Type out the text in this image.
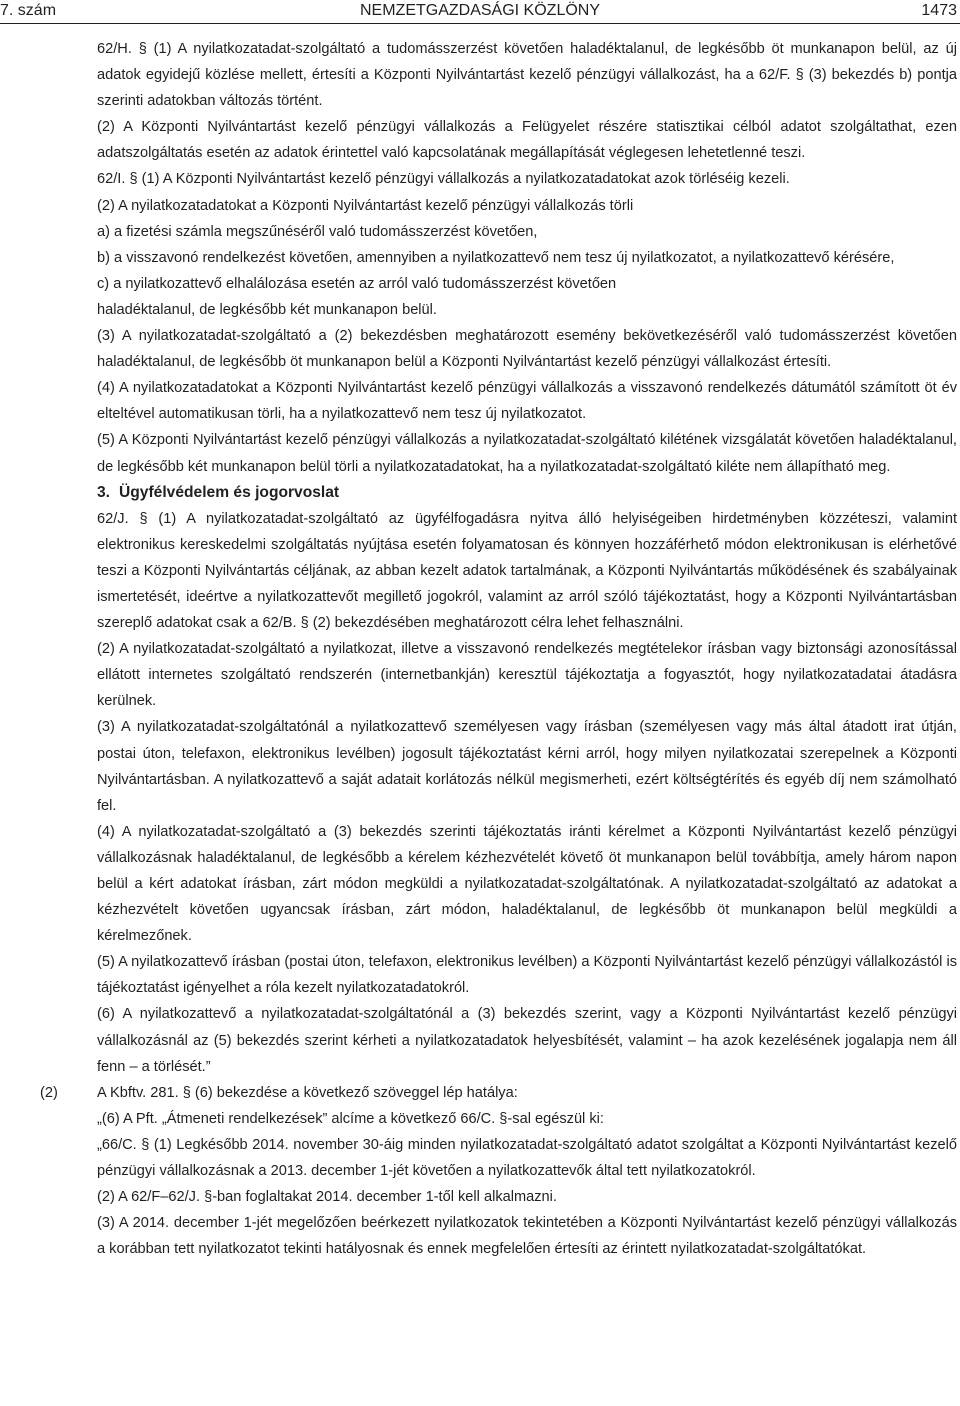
7. szám	NEMZETGAZDASÁGI KÖZLÖNY	1473
62/H. § (1) A nyilatkozatadat-szolgáltató a tudomásszerzést követően haladéktalanul, de legkésőbb öt munkanapon belül, az új adatok egyidejű közlése mellett, értesíti a Központi Nyilvántartást kezelő pénzügyi vállalkozást, ha a 62/F. § (3) bekezdés b) pontja szerinti adatokban változás történt.
(2) A Központi Nyilvántartást kezelő pénzügyi vállalkozás a Felügyelet részére statisztikai célból adatot szolgáltathat, ezen adatszolgáltatás esetén az adatok érintettel való kapcsolatának megállapítását véglegesen lehetetlenné teszi.
62/I. § (1) A Központi Nyilvántartást kezelő pénzügyi vállalkozás a nyilatkozatadatokat azok törléséig kezeli.
(2) A nyilatkozatadatokat a Központi Nyilvántartást kezelő pénzügyi vállalkozás törli
a) a fizetési számla megszűnéséről való tudomásszerzést követően,
b) a visszavonó rendelkezést követően, amennyiben a nyilatkozattevő nem tesz új nyilatkozatot, a nyilatkozattevő kérésére,
c) a nyilatkozattevő elhalálozása esetén az arról való tudomásszerzést követően
haladéktalanul, de legkésőbb két munkanapon belül.
(3) A nyilatkozatadat-szolgáltató a (2) bekezdésben meghatározott esemény bekövetkezéséről való tudomásszerzést követően haladéktalanul, de legkésőbb öt munkanapon belül a Központi Nyilvántartást kezelő pénzügyi vállalkozást értesíti.
(4) A nyilatkozatadatokat a Központi Nyilvántartást kezelő pénzügyi vállalkozás a visszavonó rendelkezés dátumától számított öt év elteltével automatikusan törli, ha a nyilatkozattevő nem tesz új nyilatkozatot.
(5) A Központi Nyilvántartást kezelő pénzügyi vállalkozás a nyilatkozatadat-szolgáltató kilétének vizsgálatát követően haladéktalanul, de legkésőbb két munkanapon belül törli a nyilatkozatadatokat, ha a nyilatkozatadat-szolgáltató kiléte nem állapítható meg.
3. Ügyfélvédelem és jogorvoslat
62/J. § (1) A nyilatkozatadat-szolgáltató az ügyfélfogadásra nyitva álló helyiségeiben hirdetményben közzéteszi, valamint elektronikus kereskedelmi szolgáltatás nyújtása esetén folyamatosan és könnyen hozzáférhető módon elektronikusan is elérhetővé teszi a Központi Nyilvántartás céljának, az abban kezelt adatok tartalmának, a Központi Nyilvántartás működésének és szabályainak ismertetését, ideértve a nyilatkozattevőt megillető jogokról, valamint az arról szóló tájékoztatást, hogy a Központi Nyilvántartásban szereplő adatokat csak a 62/B. § (2) bekezdésében meghatározott célra lehet felhasználni.
(2) A nyilatkozatadat-szolgáltató a nyilatkozat, illetve a visszavonó rendelkezés megtételekor írásban vagy biztonsági azonosítással ellátott internetes szolgáltató rendszerén (internetbankján) keresztül tájékoztatja a fogyasztót, hogy nyilatkozatadatai átadásra kerülnek.
(3) A nyilatkozatadat-szolgáltatónál a nyilatkozattevő személyesen vagy írásban (személyesen vagy más által átadott irat útján, postai úton, telefaxon, elektronikus levélben) jogosult tájékoztatást kérni arról, hogy milyen nyilatkozatai szerepelnek a Központi Nyilvántartásban. A nyilatkozattevő a saját adatait korlátozás nélkül megismerheti, ezért költségtérítés és egyéb díj nem számolható fel.
(4) A nyilatkozatadat-szolgáltató a (3) bekezdés szerinti tájékoztatás iránti kérelmet a Központi Nyilvántartást kezelő pénzügyi vállalkozásnak haladéktalanul, de legkésőbb a kérelem kézhezvételét követő öt munkanapon belül továbbítja, amely három napon belül a kért adatokat írásban, zárt módon megküldi a nyilatkozatadat-szolgáltatónak. A nyilatkozatadat-szolgáltató az adatokat a kézhezvételt követően ugyancsak írásban, zárt módon, haladéktalanul, de legkésőbb öt munkanapon belül megküldi a kérelmezőnek.
(5) A nyilatkozattevő írásban (postai úton, telefaxon, elektronikus levélben) a Központi Nyilvántartást kezelő pénzügyi vállalkozástól is tájékoztatást igényelhet a róla kezelt nyilatkozatadatokról.
(6) A nyilatkozattevő a nyilatkozatadat-szolgáltatónál a (3) bekezdés szerint, vagy a Központi Nyilvántartást kezelő pénzügyi vállalkozásnál az (5) bekezdés szerint kérheti a nyilatkozatadatok helyesbítését, valamint – ha azok kezelésének jogalapja nem áll fenn – a törlését.”
(2)	A Kbftv. 281. § (6) bekezdése a következő szöveggel lép hatálya:
„(6) A Pft. „Átmeneti rendelkezések” alcíme a következő 66/C. §-sal egészül ki:
„66/C. § (1) Legkésőbb 2014. november 30-áig minden nyilatkozatadat-szolgáltató adatot szolgáltat a Központi Nyilvántartást kezelő pénzügyi vállalkozásnak a 2013. december 1-jét követően a nyilatkozattevők által tett nyilatkozatokról.
(2) A 62/F–62/J. §-ban foglaltakat 2014. december 1-től kell alkalmazni.
(3) A 2014. december 1-jét megelőzően beérkezett nyilatkozatok tekintetében a Központi Nyilvántartást kezelő pénzügyi vállalkozás a korábban tett nyilatkozatot tekinti hatályosnak és ennek megfelelően értesíti az érintett nyilatkozatadat-szolgáltatókat.
